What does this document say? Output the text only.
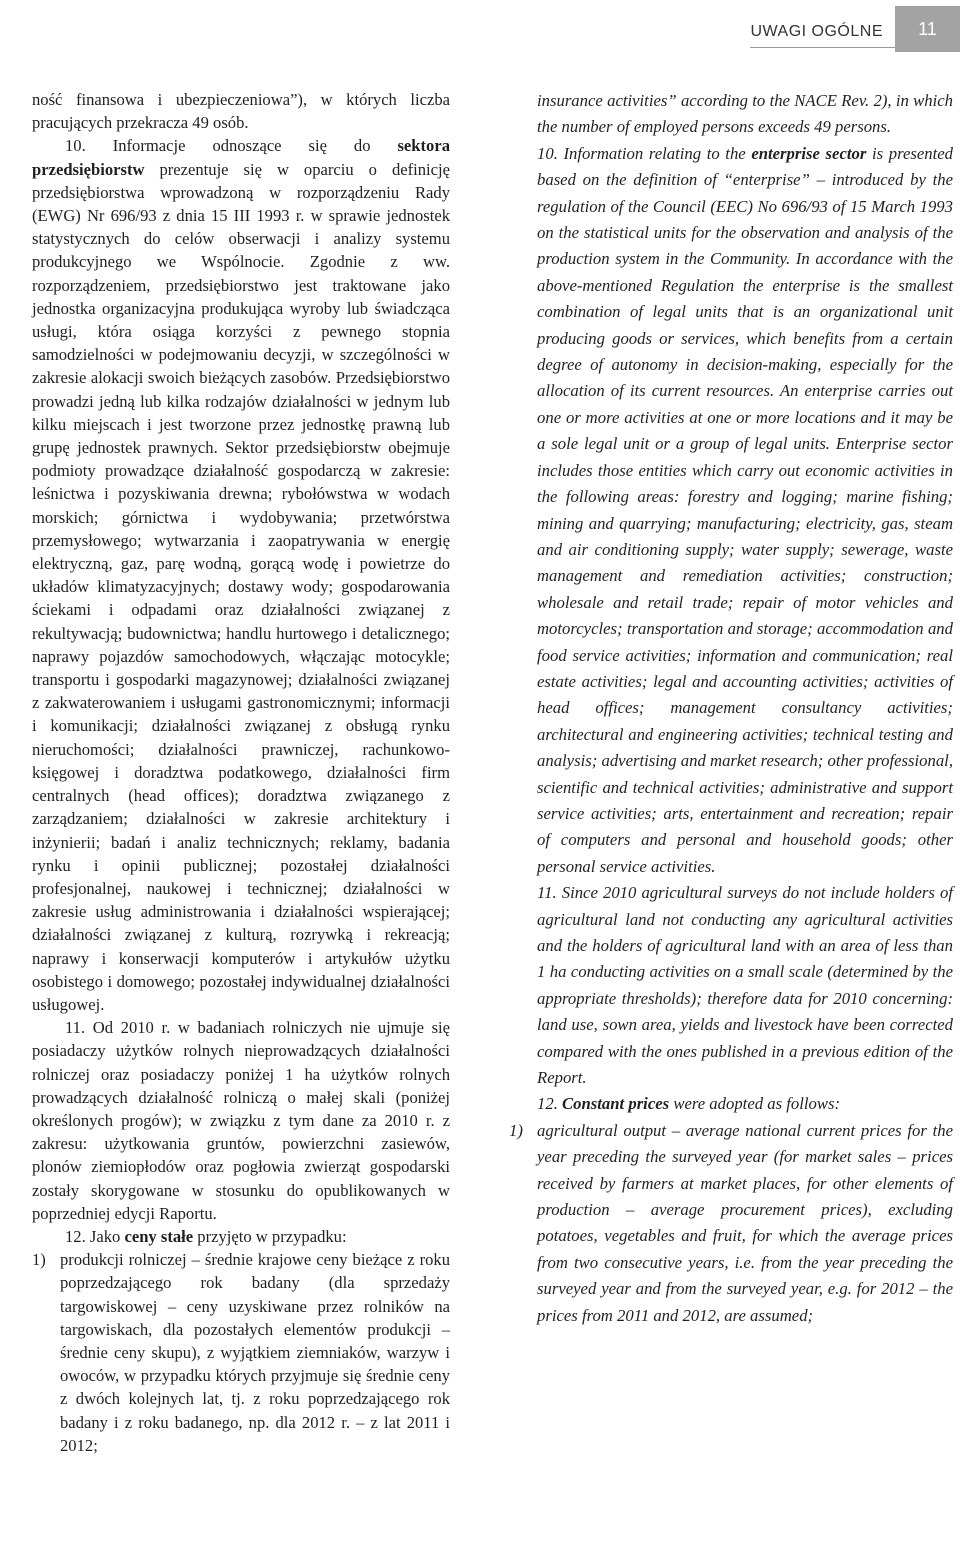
UWAGI OGÓLNE	11

ność finansowa i ubezpieczeniowa”), w których liczba pracujących przekracza 49 osób.

10. Informacje odnoszące się do sektora przedsiębiorstw prezentuje się w oparciu o definicję przedsiębiorstwa wprowadzoną w rozporządzeniu Rady (EWG) Nr 696/93 z dnia 15 III 1993 r. w sprawie jednostek statystycznych do celów obserwacji i analizy systemu produkcyjnego we Wspólnocie. Zgodnie z ww. rozporządzeniem, przedsiębiorstwo jest traktowane jako jednostka organizacyjna produkująca wyroby lub świadcząca usługi, która osiąga korzyści z pewnego stopnia samodzielności w podejmowaniu decyzji, w szczególności w zakresie alokacji swoich bieżących zasobów. Przedsiębiorstwo prowadzi jedną lub kilka rodzajów działalności w jednym lub kilku miejscach i jest tworzone przez jednostkę prawną lub grupę jednostek prawnych. Sektor przedsiębiorstw obejmuje podmioty prowadzące działalność gospodarczą w zakresie: leśnictwa i pozyskiwania drewna; rybołówstwa w wodach morskich; górnictwa i wydobywania; przetwórstwa przemysłowego; wytwarzania i zaopatrywania w energię elektryczną, gaz, parę wodną, gorącą wodę i powietrze do układów klimatyzacyjnych; dostawy wody; gospodarowania ściekami i odpadami oraz działalności związanej z rekultywacją; budownictwa; handlu hurtowego i detalicznego; naprawy pojazdów samochodowych, włączając motocykle; transportu i gospodarki magazynowej; działalności związanej z zakwaterowaniem i usługami gastronomicznymi; informacji i komunikacji; działalności związanej z obsługą rynku nieruchomości; działalności prawniczej, rachunkowo-księgowej i doradztwa podatkowego, działalności firm centralnych (head offices); doradztwa związanego z zarządzaniem; działalności w zakresie architektury i inżynierii; badań i analiz technicznych; reklamy, badania rynku i opinii publicznej; pozostałej działalności profesjonalnej, naukowej i technicznej; działalności w zakresie usług administrowania i działalności wspierającej; działalności związanej z kulturą, rozrywką i rekreacją; naprawy i konserwacji komputerów i artykułów użytku osobistego i domowego; pozostałej indywidualnej działalności usługowej.

11. Od 2010 r. w badaniach rolniczych nie ujmuje się posiadaczy użytków rolnych nieprowadzących działalności rolniczej oraz posiadaczy poniżej 1 ha użytków rolnych prowadzących działalność rolniczą o małej skali (poniżej określonych progów); w związku z tym dane za 2010 r. z zakresu: użytkowania gruntów, powierzchni zasiewów, plonów ziemiopłodów oraz pogłowia zwierząt gospodarski zostały skorygowane w stosunku do opublikowanych w poprzedniej edycji Raportu.

12. Jako ceny stałe przyjęto w przypadku:

1) produkcji rolniczej – średnie krajowe ceny bieżące z roku poprzedzającego rok badany (dla sprzedaży targowiskowej – ceny uzyskiwane przez rolników na targowiskach, dla pozostałych elementów produkcji – średnie ceny skupu), z wyjątkiem ziemniaków, warzyw i owoców, w przypadku których przyjmuje się średnie ceny z dwóch kolejnych lat, tj. z roku poprzedzającego rok badany i z roku badanego, np. dla 2012 r. – z lat 2011 i 2012;

insurance activities” according to the NACE Rev. 2), in which the number of employed persons exceeds 49 persons.

10. Information relating to the enterprise sector is presented based on the definition of “enterprise” – introduced by the regulation of the Council (EEC) No 696/93 of 15 March 1993 on the statistical units for the observation and analysis of the production system in the Community. In accordance with the above-mentioned Regulation the enterprise is the smallest combination of legal units that is an organizational unit producing goods or services, which benefits from a certain degree of autonomy in decision-making, especially for the allocation of its current resources. An enterprise carries out one or more activities at one or more locations and it may be a sole legal unit or a group of legal units. Enterprise sector includes those entities which carry out economic activities in the following areas: forestry and logging; marine fishing; mining and quarrying; manufacturing; electricity, gas, steam and air conditioning supply; water supply; sewerage, waste management and remediation activities; construction; wholesale and retail trade; repair of motor vehicles and motorcycles; transportation and storage; accommodation and food service activities; information and communication; real estate activities; legal and accounting activities; activities of head offices; management consultancy activities; architectural and engineering activities; technical testing and analysis; advertising and market research; other professional, scientific and technical activities; administrative and support service activities; arts, entertainment and recreation; repair of computers and personal and household goods; other personal service activities.

11. Since 2010 agricultural surveys do not include holders of agricultural land not conducting any agricultural activities and the holders of agricultural land with an area of less than 1 ha conducting activities on a small scale (determined by the appropriate thresholds); therefore data for 2010 concerning: land use, sown area, yields and livestock have been corrected compared with the ones published in a previous edition of the Report.

12. Constant prices were adopted as follows:

1) agricultural output – average national current prices for the year preceding the surveyed year (for market sales – prices received by farmers at market places, for other elements of production – average procurement prices), excluding potatoes, vegetables and fruit, for which the average prices from two consecutive years, i.e. from the year preceding the surveyed year and from the surveyed year, e.g. for 2012 – the prices from 2011 and 2012, are assumed;
